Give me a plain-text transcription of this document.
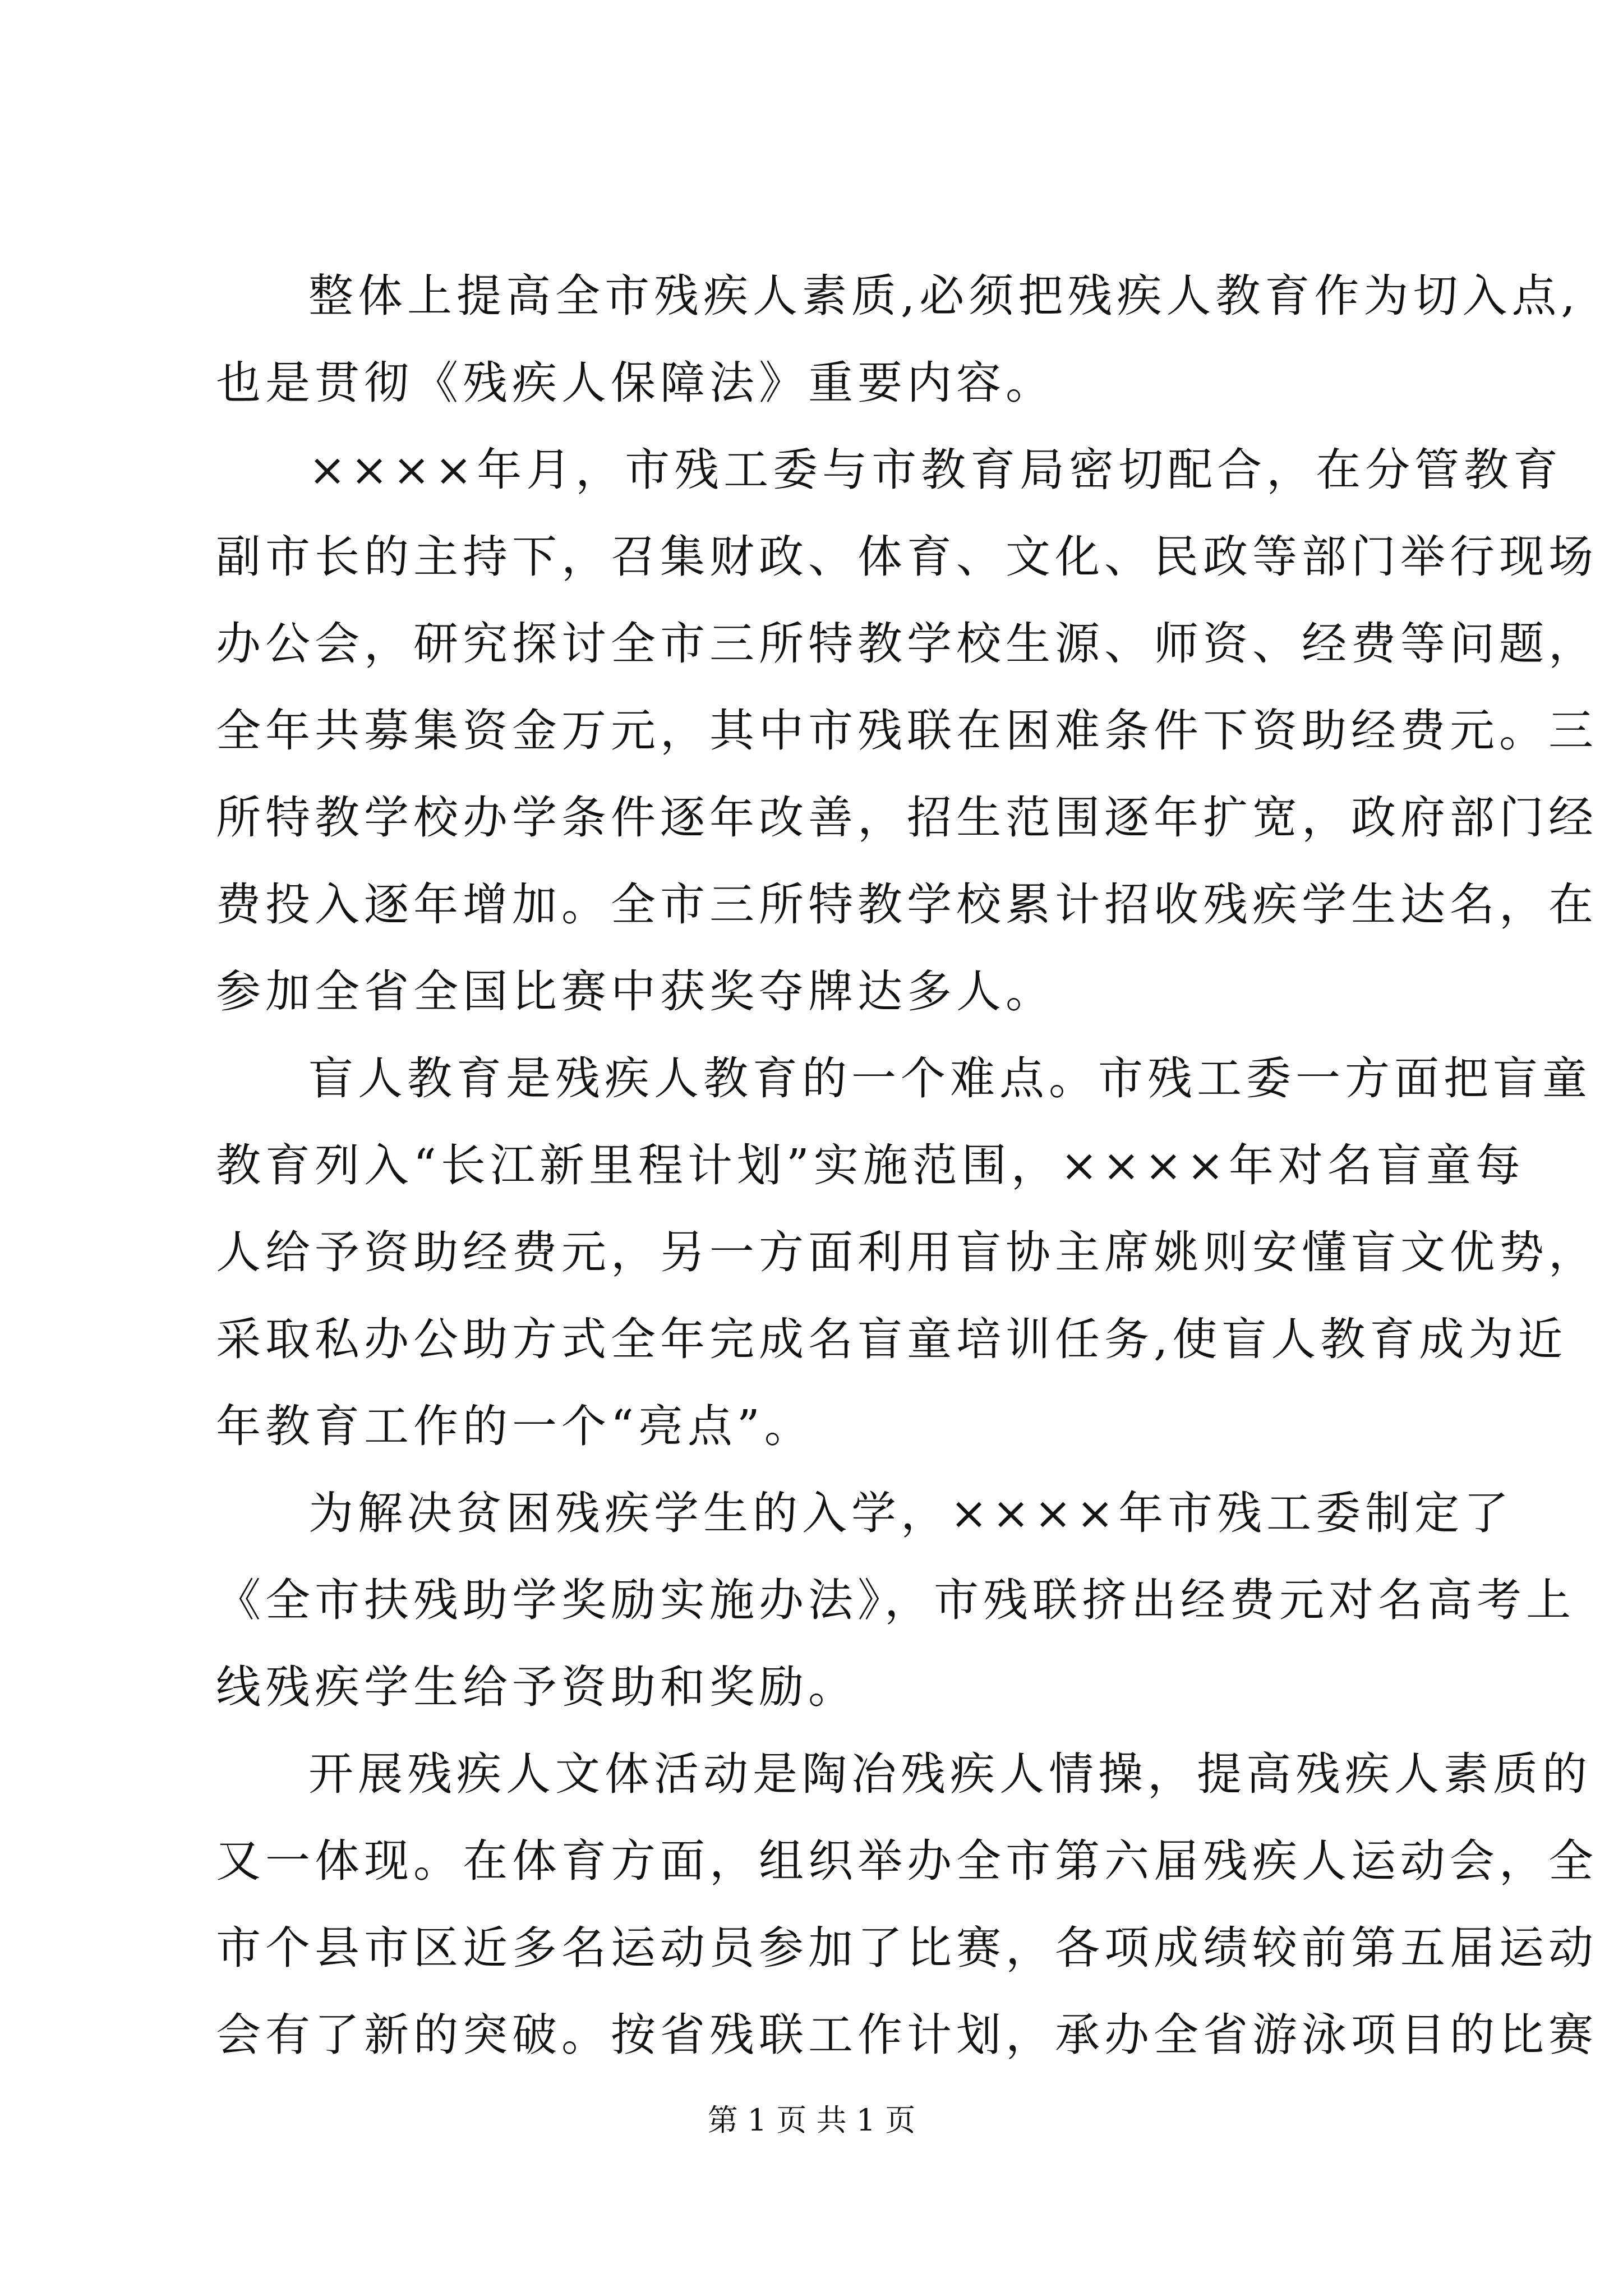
整体上提高全市残疾人素质,必须把残疾人教育作为切入点,
也是贯彻《残疾人保障法》重要内容。
××××年月，市残工委与市教育局密切配合，在分管教育
副市长的主持下，召集财政、体育、文化、民政等部门举行现场
办公会，研究探讨全市三所特教学校生源、师资、经费等问题，
全年共募集资金万元，其中市残联在困难条件下资助经费元。三
所特教学校办学条件逐年改善，招生范围逐年扩宽，政府部门经
费投入逐年增加。全市三所特教学校累计招收残疾学生达名，在
参加全省全国比赛中获奖夺牌达多人。
盲人教育是残疾人教育的一个难点。市残工委一方面把盲童
教育列入“长江新里程计划”实施范围，××××年对名盲童每
人给予资助经费元，另一方面利用盲协主席姚则安懂盲文优势，
采取私办公助方式全年完成名盲童培训任务,使盲人教育成为近
年教育工作的一个“亮点”。
为解决贫困残疾学生的入学，××××年市残工委制定了
《全市扶残助学奖励实施办法》，市残联挤出经费元对名高考上
线残疾学生给予资助和奖励。
开展残疾人文体活动是陶冶残疾人情操，提高残疾人素质的
又一体现。在体育方面，组织举办全市第六届残疾人运动会，全
市个县市区近多名运动员参加了比赛，各项成绩较前第五届运动
会有了新的突破。按省残联工作计划，承办全省游泳项目的比赛
第 1 页 共 1 页
